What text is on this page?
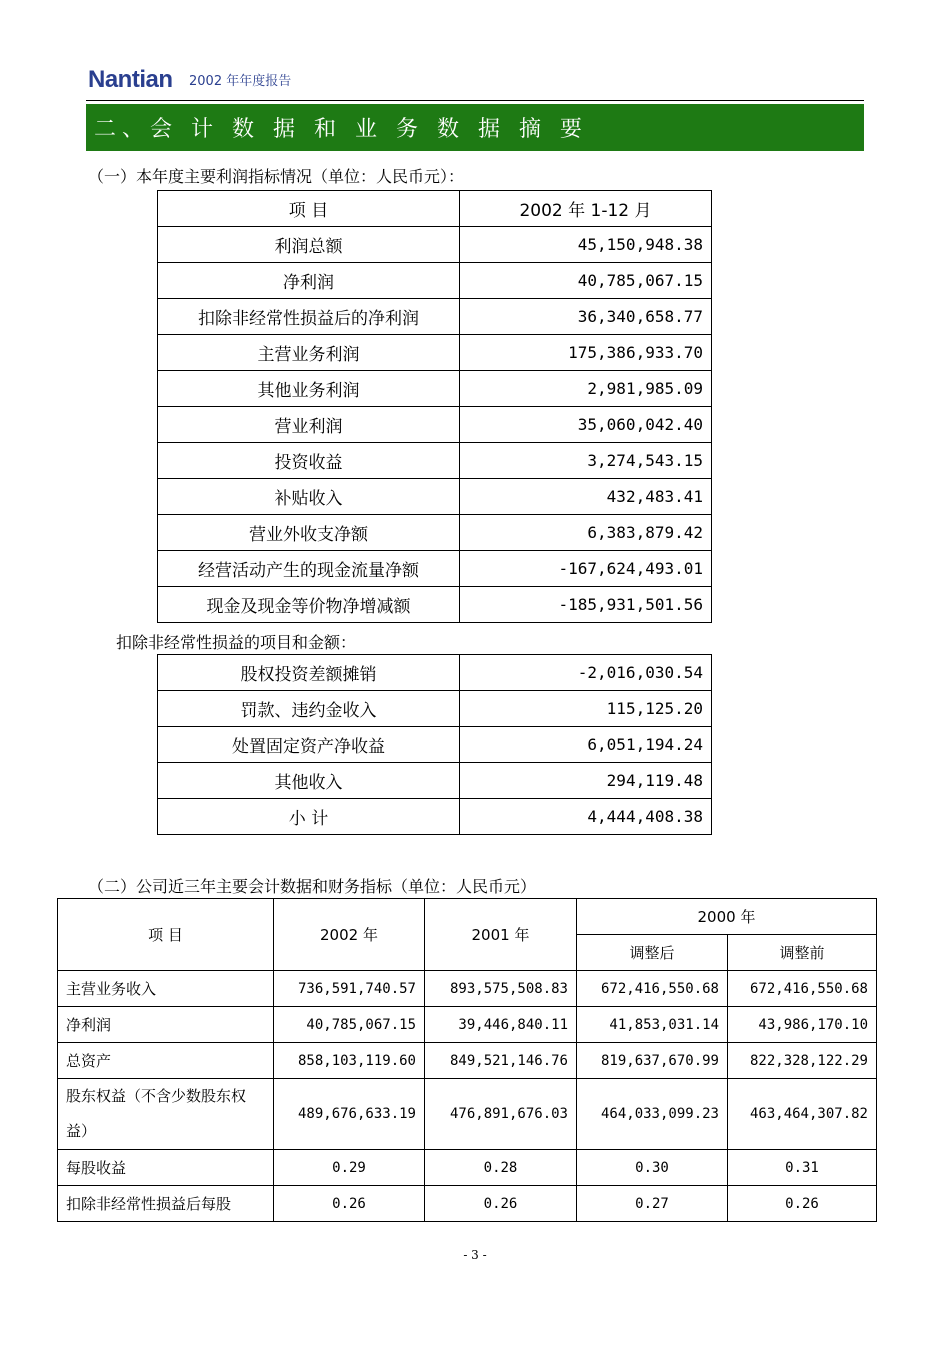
Nantian 2002 年年度报告
二、会 计 数 据 和 业 务 数 据 摘 要
（一）本年度主要利润指标情况（单位：人民币元）：
项 目	2002 年 1-12 月
利润总额	45,150,948.38
净利润	40,785,067.15
扣除非经常性损益后的净利润	36,340,658.77
主营业务利润	175,386,933.70
其他业务利润	2,981,985.09
营业利润	35,060,042.40
投资收益	3,274,543.15
补贴收入	432,483.41
营业外收支净额	6,383,879.42
经营活动产生的现金流量净额	-167,624,493.01
现金及现金等价物净增减额	-185,931,501.56
扣除非经常性损益的项目和金额：
股权投资差额摊销	-2,016,030.54
罚款、违约金收入	115,125.20
处置固定资产净收益	6,051,194.24
其他收入	294,119.48
小 计	4,444,408.38
（二）公司近三年主要会计数据和财务指标（单位：人民币元）
项 目	2002 年	2001 年	2000 年	
			调整后	调整前
主营业务收入	736,591,740.57	893,575,508.83	672,416,550.68	672,416,550.68
净利润	40,785,067.15	39,446,840.11	41,853,031.14	43,986,170.10
总资产	858,103,119.60	849,521,146.76	819,637,670.99	822,328,122.29
股东权益（不含少数股东权益）	489,676,633.19	476,891,676.03	464,033,099.23	463,464,307.82
每股收益	0.29	0.28	0.30	0.31
扣除非经常性损益后每股	0.26	0.26	0.27	0.26
- 3 -
